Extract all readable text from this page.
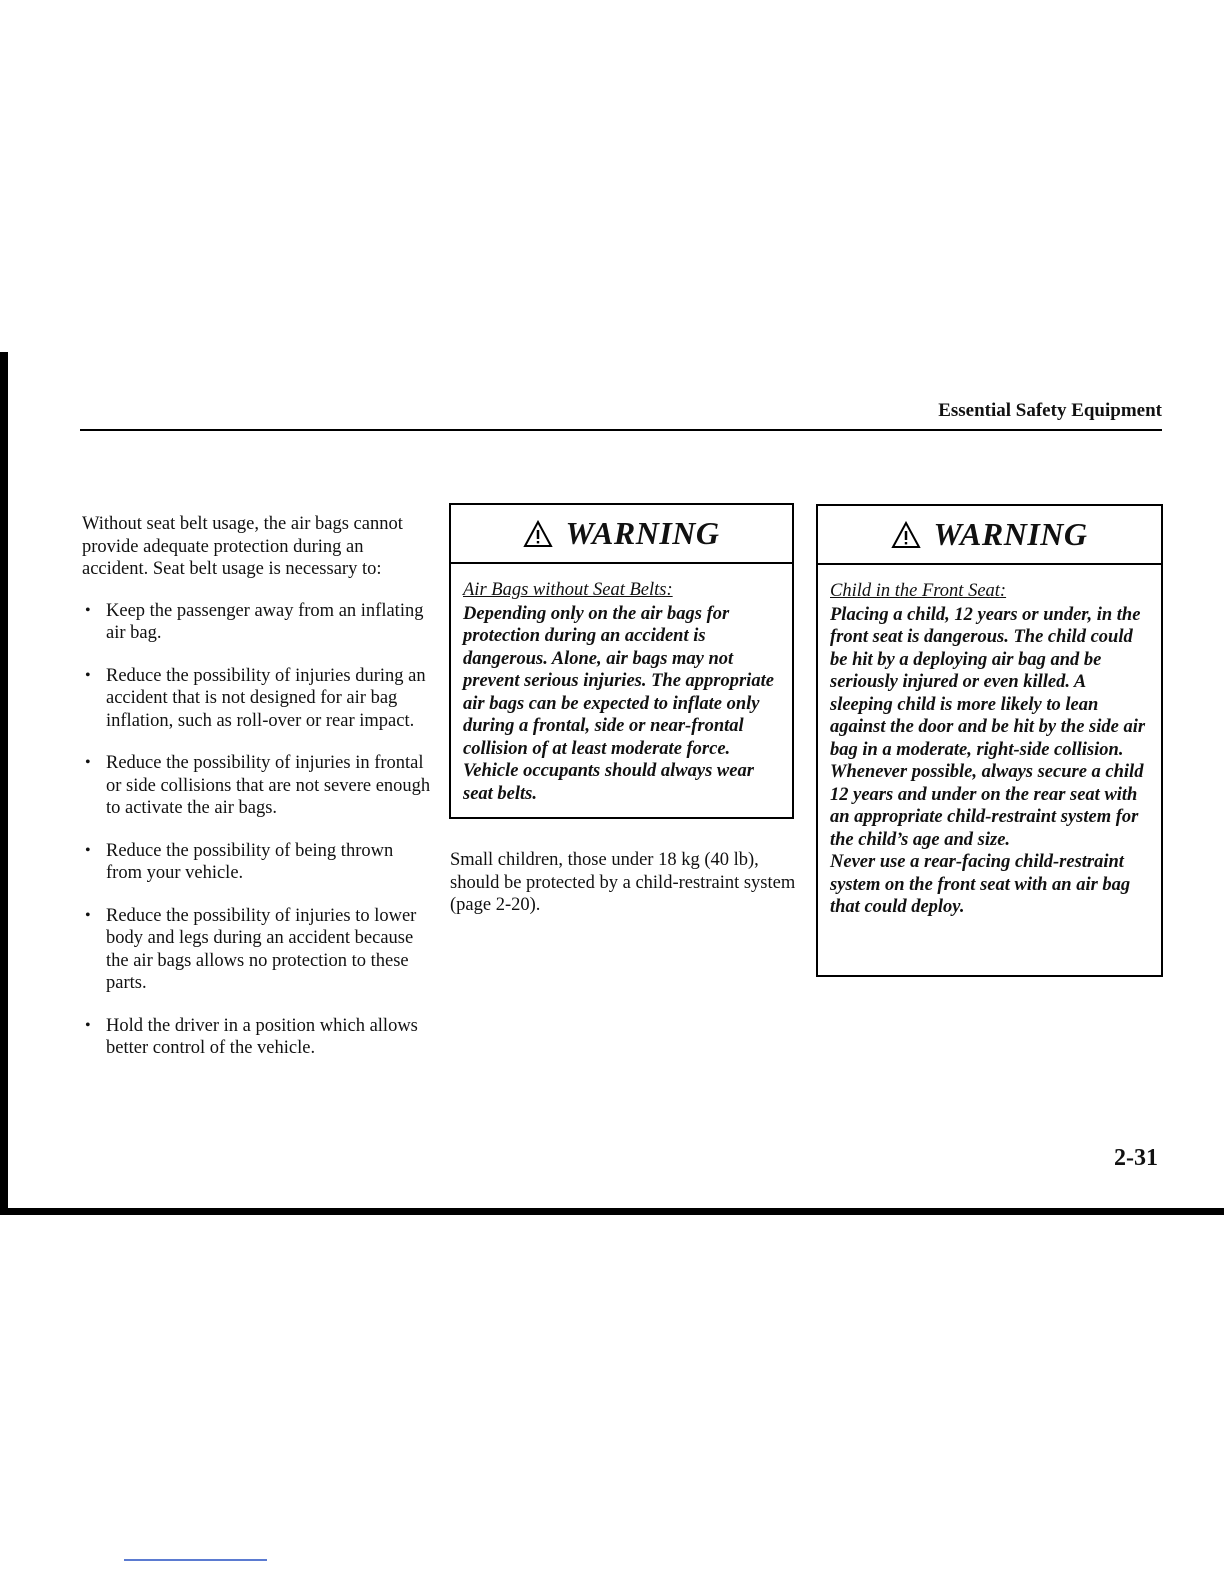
Essential Safety Equipment

Without seat belt usage, the air bags cannot provide adequate protection during an accident. Seat belt usage is necessary to:

• Keep the passenger away from an inflating air bag.
• Reduce the possibility of injuries during an accident that is not designed for air bag inflation, such as roll-over or rear impact.
• Reduce the possibility of injuries in frontal or side collisions that are not severe enough to activate the air bags.
• Reduce the possibility of being thrown from your vehicle.
• Reduce the possibility of injuries to lower body and legs during an accident because the air bags allows no protection to these parts.
• Hold the driver in a position which allows better control of the vehicle.
WARNING

Air Bags without Seat Belts:

Depending only on the air bags for protection during an accident is dangerous. Alone, air bags may not prevent serious injuries. The appropriate air bags can be expected to inflate only during a frontal, side or near-frontal collision of at least moderate force. Vehicle occupants should always wear seat belts.

Small children, those under 18 kg (40 lb), should be protected by a child-restraint system (page 2-20).
WARNING

Child in the Front Seat:

Placing a child, 12 years or under, in the front seat is dangerous. The child could be hit by a deploying air bag and be seriously injured or even killed. A sleeping child is more likely to lean against the door and be hit by the side air bag in a moderate, right-side collision. Whenever possible, always secure a child 12 years and under on the rear seat with an appropriate child-restraint system for the child’s age and size.

Never use a rear-facing child-restraint system on the front seat with an air bag that could deploy.

2-31
